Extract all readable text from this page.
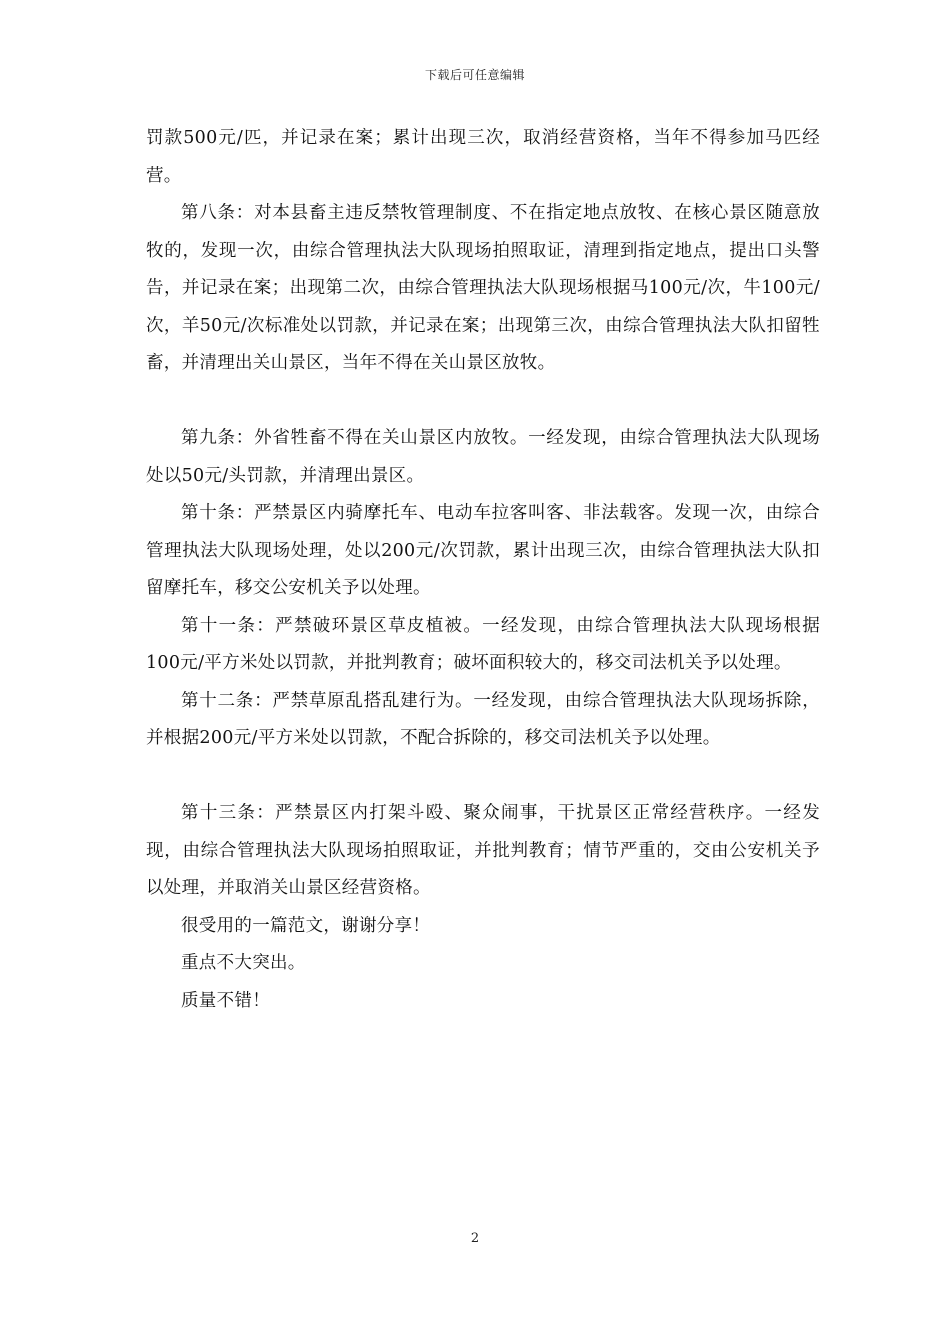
下载后可任意编辑

罚款500元/匹，并记录在案；累计出现三次，取消经营资格，当年不得参加马匹经营。

第八条：对本县畜主违反禁牧管理制度、不在指定地点放牧、在核心景区随意放牧的，发现一次，由综合管理执法大队现场拍照取证，清理到指定地点，提出口头警告，并记录在案；出现第二次，由综合管理执法大队现场根据马100元/次，牛100元/次，羊50元/次标准处以罚款，并记录在案；出现第三次，由综合管理执法大队扣留牲畜，并清理出关山景区，当年不得在关山景区放牧。

第九条：外省牲畜不得在关山景区内放牧。一经发现，由综合管理执法大队现场处以50元/头罚款，并清理出景区。

第十条：严禁景区内骑摩托车、电动车拉客叫客、非法载客。发现一次，由综合管理执法大队现场处理，处以200元/次罚款，累计出现三次，由综合管理执法大队扣留摩托车，移交公安机关予以处理。

第十一条：严禁破环景区草皮植被。一经发现，由综合管理执法大队现场根据100元/平方米处以罚款，并批判教育；破坏面积较大的，移交司法机关予以处理。

第十二条：严禁草原乱搭乱建行为。一经发现，由综合管理执法大队现场拆除，并根据200元/平方米处以罚款，不配合拆除的，移交司法机关予以处理。

第十三条：严禁景区内打架斗殴、聚众闹事，干扰景区正常经营秩序。一经发现，由综合管理执法大队现场拍照取证，并批判教育；情节严重的，交由公安机关予以处理，并取消关山景区经营资格。

很受用的一篇范文，谢谢分享！

重点不大突出。

质量不错！

2
